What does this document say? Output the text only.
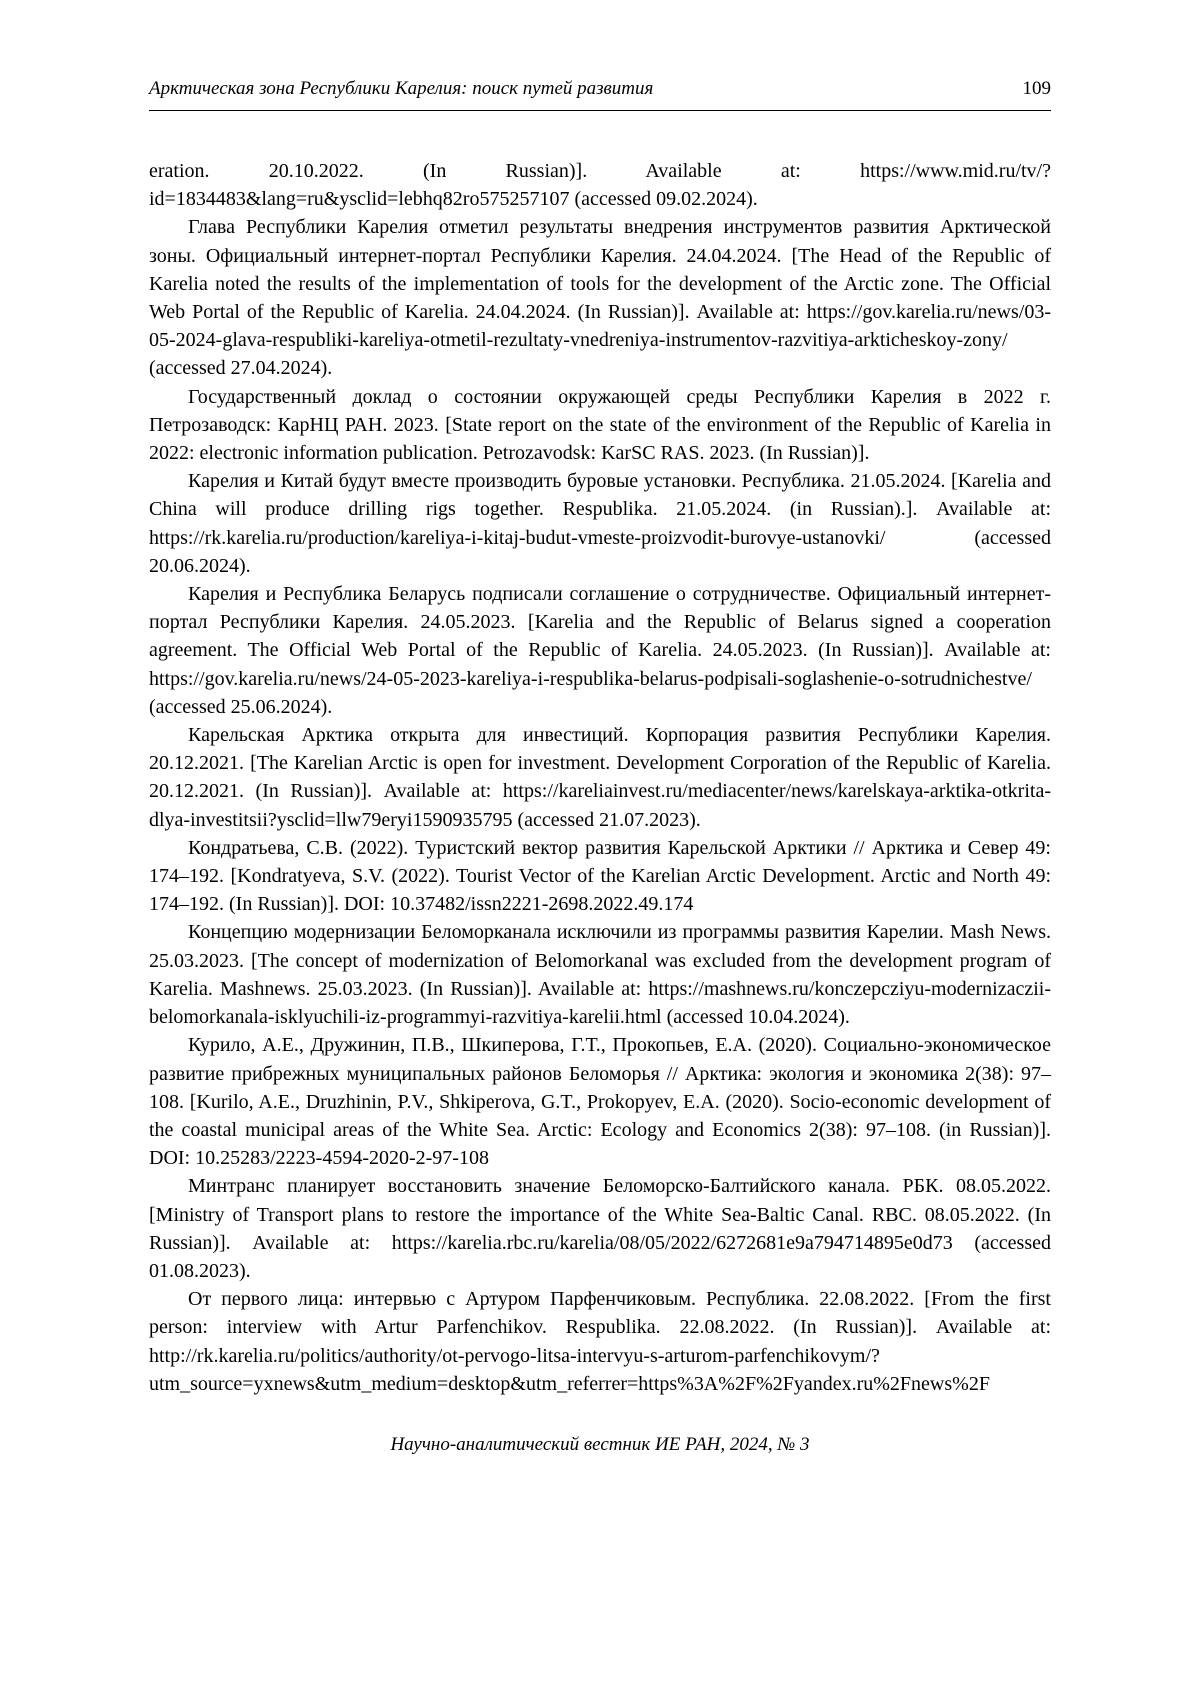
Арктическая зона Республики Карелия: поиск путей развития	109

eration. 20.10.2022. (In Russian)]. Available at: https://www.mid.ru/tv/?id=1834483&lang=ru&ysclid=lebhq82ro575257107 (accessed 09.02.2024).

Глава Республики Карелия отметил результаты внедрения инструментов развития Арктической зоны. Официальный интернет-портал Республики Карелия. 24.04.2024. [The Head of the Republic of Karelia noted the results of the implementation of tools for the development of the Arctic zone. The Official Web Portal of the Republic of Karelia. 24.04.2024. (In Russian)]. Available at: https://gov.karelia.ru/news/03-05-2024-glava-respubliki-kareliya-otmetil-rezultaty-vnedreniya-instrumentov-razvitiya-arkticheskoy-zony/ (accessed 27.04.2024).

Государственный доклад о состоянии окружающей среды Республики Карелия в 2022 г. Петрозаводск: КарНЦ РАН. 2023. [State report on the state of the environment of the Republic of Karelia in 2022: electronic information publication. Petrozavodsk: KarSC RAS. 2023. (In Russian)].

Карелия и Китай будут вместе производить буровые установки. Республика. 21.05.2024. [Karelia and China will produce drilling rigs together. Respublika. 21.05.2024. (in Russian).]. Available at: https://rk.karelia.ru/production/kareliya-i-kitaj-budut-vmeste-proizvodit-burovye-ustanovki/ (accessed 20.06.2024).

Карелия и Республика Беларусь подписали соглашение о сотрудничестве. Официальный интернет-портал Республики Карелия. 24.05.2023. [Karelia and the Republic of Belarus signed a cooperation agreement. The Official Web Portal of the Republic of Karelia. 24.05.2023. (In Russian)]. Available at: https://gov.karelia.ru/news/24-05-2023-kareliya-i-respublika-belarus-podpisali-soglashenie-o-sotrudnichestve/ (accessed 25.06.2024).

Карельская Арктика открыта для инвестиций. Корпорация развития Республики Карелия. 20.12.2021. [The Karelian Arctic is open for investment. Development Corporation of the Republic of Karelia. 20.12.2021. (In Russian)]. Available at: https://kareliainvest.ru/mediacenter/news/karelskaya-arktika-otkrita-dlya-investitsii?ysclid=llw79eryi1590935795 (accessed 21.07.2023).

Кондратьева, С.В. (2022). Туристский вектор развития Карельской Арктики // Арктика и Север 49: 174–192. [Kondratyeva, S.V. (2022). Tourist Vector of the Karelian Arctic Development. Arctic and North 49: 174–192. (In Russian)]. DOI: 10.37482/issn2221-2698.2022.49.174

Концепцию модернизации Беломорканала исключили из программы развития Карелии. Mash News. 25.03.2023. [The concept of modernization of Belomorkanal was excluded from the development program of Karelia. Mashnews. 25.03.2023. (In Russian)]. Available at: https://mashnews.ru/konczepcziyu-modernizaczii-belomorkanala-isklyuchili-iz-programmyi-razvitiya-karelii.html (accessed 10.04.2024).

Курило, А.Е., Дружинин, П.В., Шкиперова, Г.Т., Прокопьев, Е.А. (2020). Социально-экономическое развитие прибрежных муниципальных районов Беломорья // Арктика: экология и экономика 2(38): 97–108. [Kurilo, A.E., Druzhinin, P.V., Shkiperova, G.T., Prokopyev, E.A. (2020). Socio-economic development of the coastal municipal areas of the White Sea. Arctic: Ecology and Economics 2(38): 97–108. (in Russian)]. DOI: 10.25283/2223-4594-2020-2-97-108

Минтранс планирует восстановить значение Беломорско-Балтийского канала. РБК. 08.05.2022. [Ministry of Transport plans to restore the importance of the White Sea-Baltic Canal. RBC. 08.05.2022. (In Russian)]. Available at: https://karelia.rbc.ru/karelia/08/05/2022/6272681e9a794714895e0d73 (accessed 01.08.2023).

От первого лица: интервью с Артуром Парфенчиковым. Республика. 22.08.2022. [From the first person: interview with Artur Parfenchikov. Respublika. 22.08.2022. (In Russian)]. Available at: http://rk.karelia.ru/politics/authority/ot-pervogo-litsa-intervyu-s-arturom-parfenchikovym/?utm_source=yxnews&utm_medium=desktop&utm_referrer=https%3A%2F%2Fyandex.ru%2Fnews%2F

Научно-аналитический вестник ИЕ РАН, 2024, № 3
